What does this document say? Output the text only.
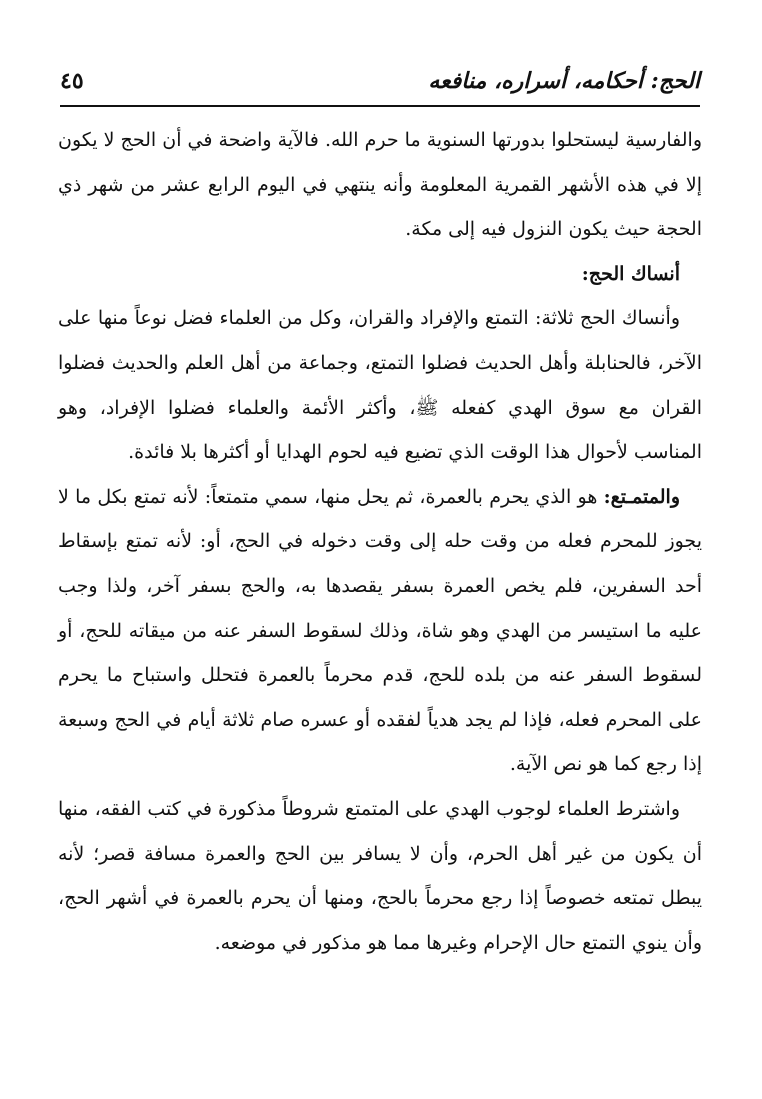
الحج: أحكامه، أسراره، منافعه
٤٥

والفارسية ليستحلوا بدورتها السنوية ما حرم الله. فالآية واضحة في أن الحج لا يكون إلا في هذه الأشهر القمرية المعلومة وأنه ينتهي في اليوم الرابع عشر من شهر ذي الحجة حيث يكون النزول فيه إلى مكة.

أنساك الحج:

وأنساك الحج ثلاثة: التمتع والإفراد والقران، وكل من العلماء فضل نوعاً منها على الآخر، فالحنابلة وأهل الحديث فضلوا التمتع، وجماعة من أهل العلم والحديث فضلوا القران مع سوق الهدي كفعله ﷺ، وأكثر الأئمة والعلماء فضلوا الإفراد، وهو المناسب لأحوال هذا الوقت الذي تضيع فيه لحوم الهدايا أو أكثرها بلا فائدة.

والمتمـتع: هو الذي يحرم بالعمرة، ثم يحل منها، سمي متمتعاً: لأنه تمتع بكل ما لا يجوز للمحرم فعله من وقت حله إلى وقت دخوله في الحج، أو: لأنه تمتع بإسقاط أحد السفرين، فلم يخص العمرة بسفر يقصدها به، والحج بسفر آخر، ولذا وجب عليه ما استيسر من الهدي وهو شاة، وذلك لسقوط السفر عنه من ميقاته للحج، أو لسقوط السفر عنه من بلده للحج، قدم محرماً بالعمرة فتحلل واستباح ما يحرم على المحرم فعله، فإذا لم يجد هدياً لفقده أو عسره صام ثلاثة أيام في الحج وسبعة إذا رجع كما هو نص الآية.

واشترط العلماء لوجوب الهدي على المتمتع شروطاً مذكورة في كتب الفقه، منها أن يكون من غير أهل الحرم، وأن لا يسافر بين الحج والعمرة مسافة قصر؛ لأنه يبطل تمتعه خصوصاً إذا رجع محرماً بالحج، ومنها أن يحرم بالعمرة في أشهر الحج، وأن ينوي التمتع حال الإحرام وغيرها مما هو مذكور في موضعه.
